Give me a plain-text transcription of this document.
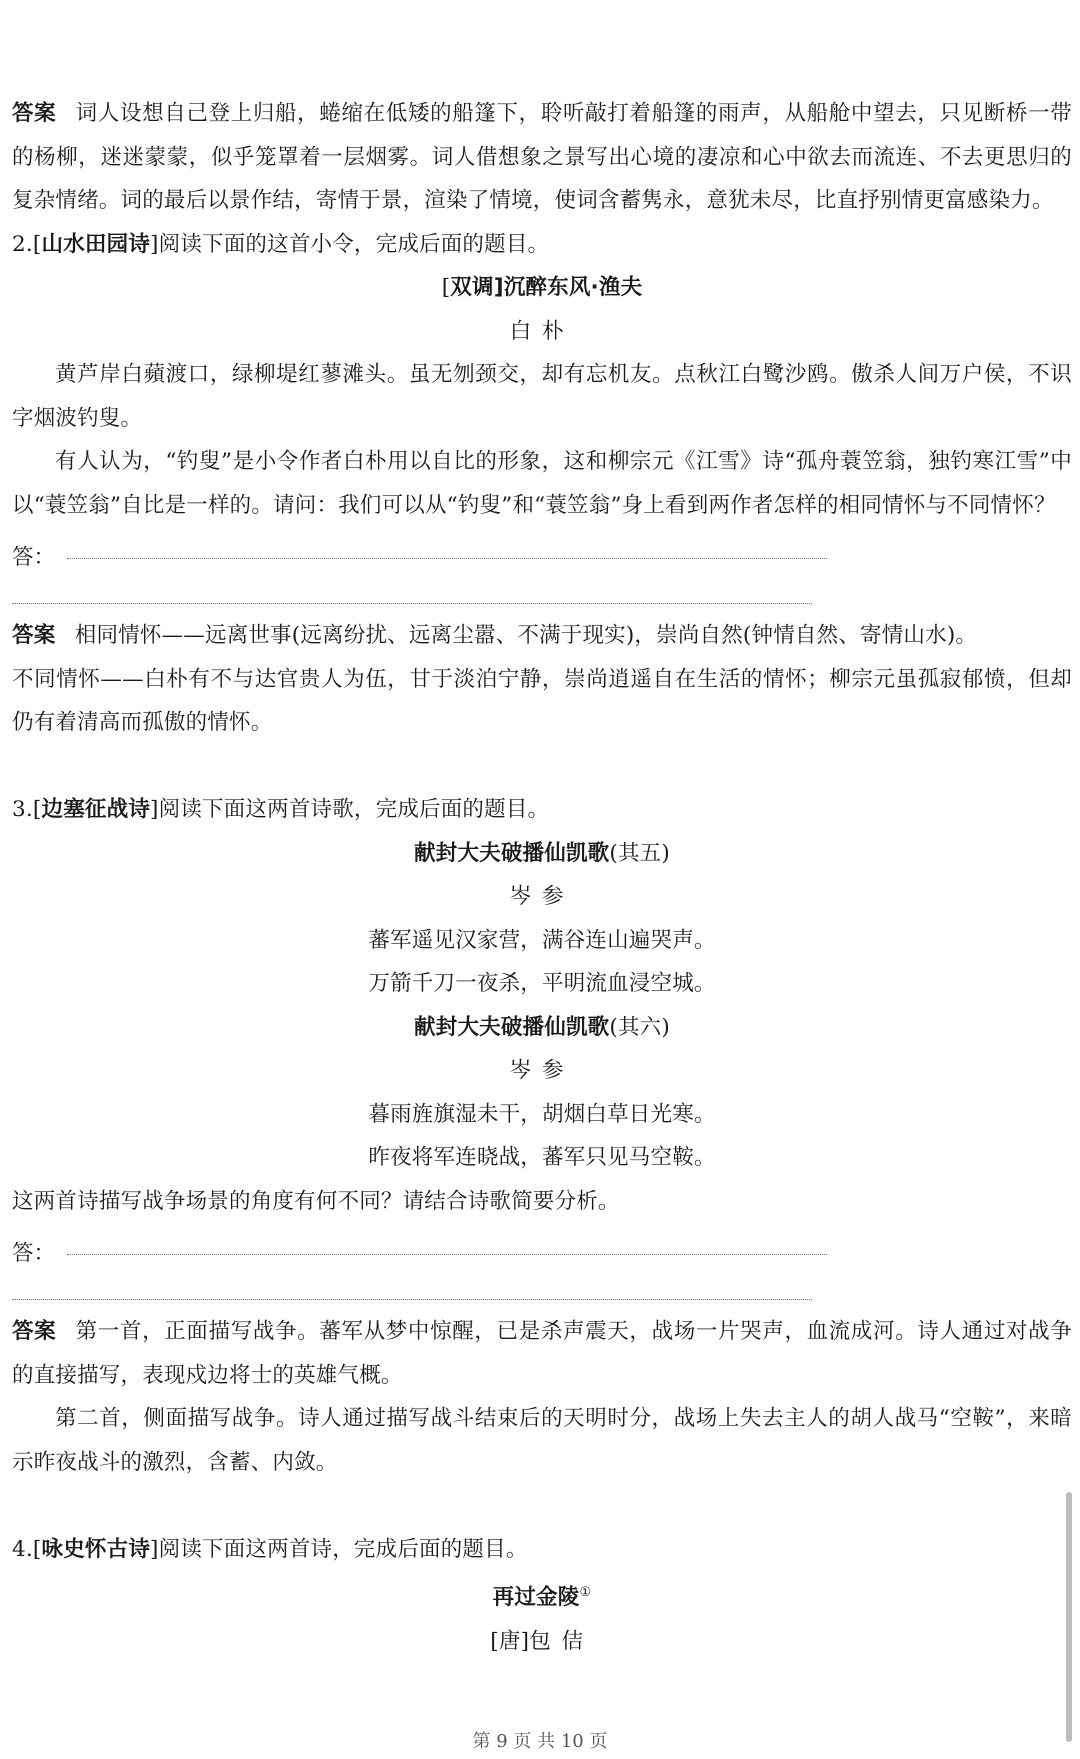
答案 词人设想自己登上归船，蜷缩在低矮的船篷下，聆听敲打着船篷的雨声，从船舱中望去，只见断桥一带的杨柳，迷迷蒙蒙，似乎笼罩着一层烟雾。词人借想象之景写出心境的凄凉和心中欲去而流连、不去更思归的复杂情绪。词的最后以景作结，寄情于景，渲染了情境，使词含蓄隽永，意犹未尽，比直抒别情更富感染力。

2.[山水田园诗]阅读下面的这首小令，完成后面的题目。

[双调]沉醉东风·渔夫

白朴

黄芦岸白蘋渡口，绿柳堤红蓼滩头。虽无刎颈交，却有忘机友。点秋江白鹭沙鸥。傲杀人间万户侯，不识字烟波钓叟。

有人认为，“钓叟”是小令作者白朴用以自比的形象，这和柳宗元《江雪》诗“孤舟蓑笠翁，独钓寒江雪”中以“蓑笠翁”自比是一样的。请问：我们可以从“钓叟”和“蓑笠翁”身上看到两作者怎样的相同情怀与不同情怀？

答：

答案 相同情怀——远离世事(远离纷扰、远离尘嚣、不满于现实)，崇尚自然(钟情自然、寄情山水)。

不同情怀——白朴有不与达官贵人为伍，甘于淡泊宁静，崇尚逍遥自在生活的情怀；柳宗元虽孤寂郁愤，但却仍有着清高而孤傲的情怀。

3.[边塞征战诗]阅读下面这两首诗歌，完成后面的题目。

献封大夫破播仙凯歌(其五)

岑参

蕃军遥见汉家营，满谷连山遍哭声。

万箭千刀一夜杀，平明流血浸空城。

献封大夫破播仙凯歌(其六)

岑参

暮雨旌旗湿未干，胡烟白草日光寒。

昨夜将军连晓战，蕃军只见马空鞍。

这两首诗描写战争场景的角度有何不同？请结合诗歌简要分析。

答：

答案 第一首，正面描写战争。蕃军从梦中惊醒，已是杀声震天，战场一片哭声，血流成河。诗人通过对战争的直接描写，表现戍边将士的英雄气概。

第二首，侧面描写战争。诗人通过描写战斗结束后的天明时分，战场上失去主人的胡人战马“空鞍”，来暗示昨夜战斗的激烈，含蓄、内敛。

4.[咏史怀古诗]阅读下面这两首诗，完成后面的题目。

再过金陵①

[唐]包佶

第 9 页 共 10 页
